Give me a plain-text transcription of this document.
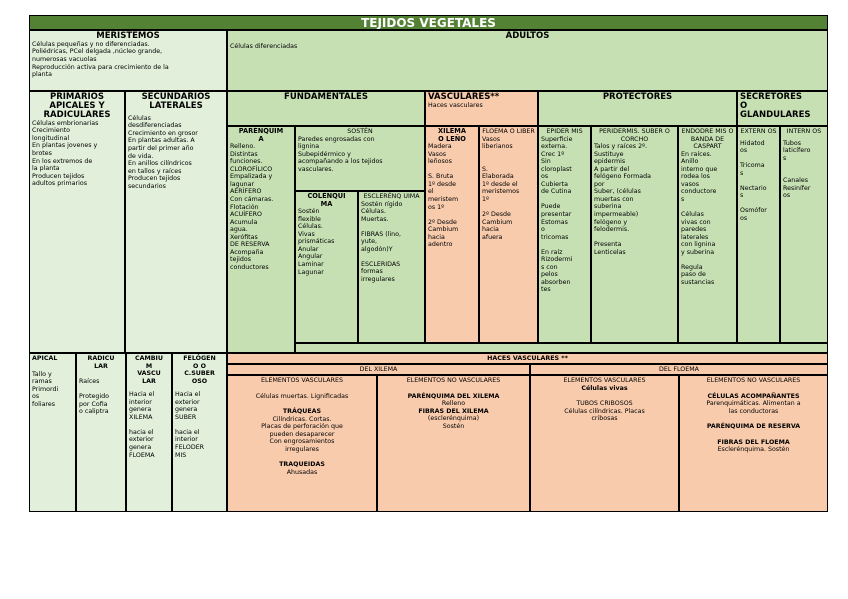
TEJIDOS VEGETALES
MERISTEMOS
Células pequeñas y no diferenciadas.
Poliédricas, PCel delgada ,núcleo grande,
numerosas vacuolas
Reproducción activa para crecimiento de la
planta
ADULTOS
Células diferenciadas
PRIMARIOS
APICALES Y
RADICULARES
Células embrionarias
Crecimiento
longitudinal
En plantas jovenes y
brotes
En los extremos de
la planta
Producen tejidos
adultos primarios
SECUNDARIOS
LATERALES
Células
desdiferenciadas
Crecimiento en grosor
En plantas adultas. A
partir del primer año
de vida.
En anillos cilíndricos
en tallos y raíces
Producen tejidos
secundarios
FUNDAMENTALES
PARÉNQUIM
A
Relleno.
Distintas
funciones.
CLOROFÍLICO
Empalizada y
lagunar
AERÍFERO
Con cámaras.
Flotación
ACUÍFERO
Acumula
agua.
Xerófitas
DE RESERVA
Acompaña
tejidos
conductores
SOSTÉN
Paredes engrosadas con
lignina
Subepidérmico y
acompañando a los tejidos
vasculares.
COLÉNQUI
MA
Sostén
flexible
Células.
Vivas
prismáticas
Anular
Angular
Laminar
Lagunar
ESCLERÉNQ UIMA
Sostén rígido
Células.
Muertas.

FIBRAS (lino,
yute,
algodón)Y

ESCLERIDAS
formas
irregulares
VASCULARES**
Haces vasculares
XILEMA
O LEÑO
Madera
Vasos
leñosos

S. Bruta
1º desde
el
meristem
os 1º

2º Desde
Cambium
hacia
adentro
FLOEMA O LIBER
Vasos
liberianos

S.
Elaborada
1º desde el
meristemos
1º

2º Desde
Cambium
hacia
afuera
PROTECTORES
EPIDER MIS
Superficie
externa.
Crec 1º
Sin
cloroplast
os
Cubierta
de Cutina

Puede
presentar
Estomas
o
tricomas

En raíz
Rizodermi
s con
pelos
absorben
tes
PERIDERMIS. SUBER O CORCHO
Talos y raíces 2º.
Sustituye
epidermis
A partir del
felógeno Formada
por
Suber, (células
muertas con
suberina
impermeable)
felógeno y
felodermis.

Presenta
Lenticelas
ENDODRE MIS O BANDA DE CASPART
En raíces.
Anillo
interno que
rodea los
vasos
conductore
s

Células
vivas con
paredes
laterales
con lignina
y suberina

Regula
paso de
sustancias
SECRETORES
O
GLANDULARES
EXTERN OS
Hidatod
os

Tricoma
s

Nectario
s

Osmófor
os
INTERN OS
Tubos
laticífero
s

Canales
Resinífer
os
APICAL
Tallo y
ramas
Primordi
os
foliares
RADICU
LAR
Raíces

Protegido
por Cofia
o caliptra
CAMBIU
M
VASCU
LAR
Hacia el
interior
genera
XILEMA

hacia el
exterior
genera
FLOEMA
FELÓGEN
O O
C.SUBER
OSO
Hacia el
exterior
genera
SUBER

hacia el
interior
FELODER
MIS
HACES VASCULARES **
DEL XILEMA	DEL FLOEMA
ELEMENTOS VASCULARES
Células muertas. Lignificadas
TRÁQUEAS
Cilíndricas. Cortas.
Placas de perforación que
pueden desaparecer
Con engrosamientos
irregulares
TRAQUEIDAS
Ahusadas
ELEMENTOS NO VASCULARES
PARÉNQUIMA DEL XILEMA
Relleno
FIBRAS DEL XILEMA
(esclerénquima)
Sostén
ELEMENTOS VASCULARES
Células vivas
TUBOS CRIBOSOS
Células cilíndricas. Placas
cribosas
ELEMENTOS NO VASCULARES
CÉLULAS ACOMPAÑANTES
Parenquimáticas. Alimentan a
las conductoras
PARÉNQUIMA DE RESERVA
FIBRAS DEL FLOEMA
Esclerénquima. Sostén
